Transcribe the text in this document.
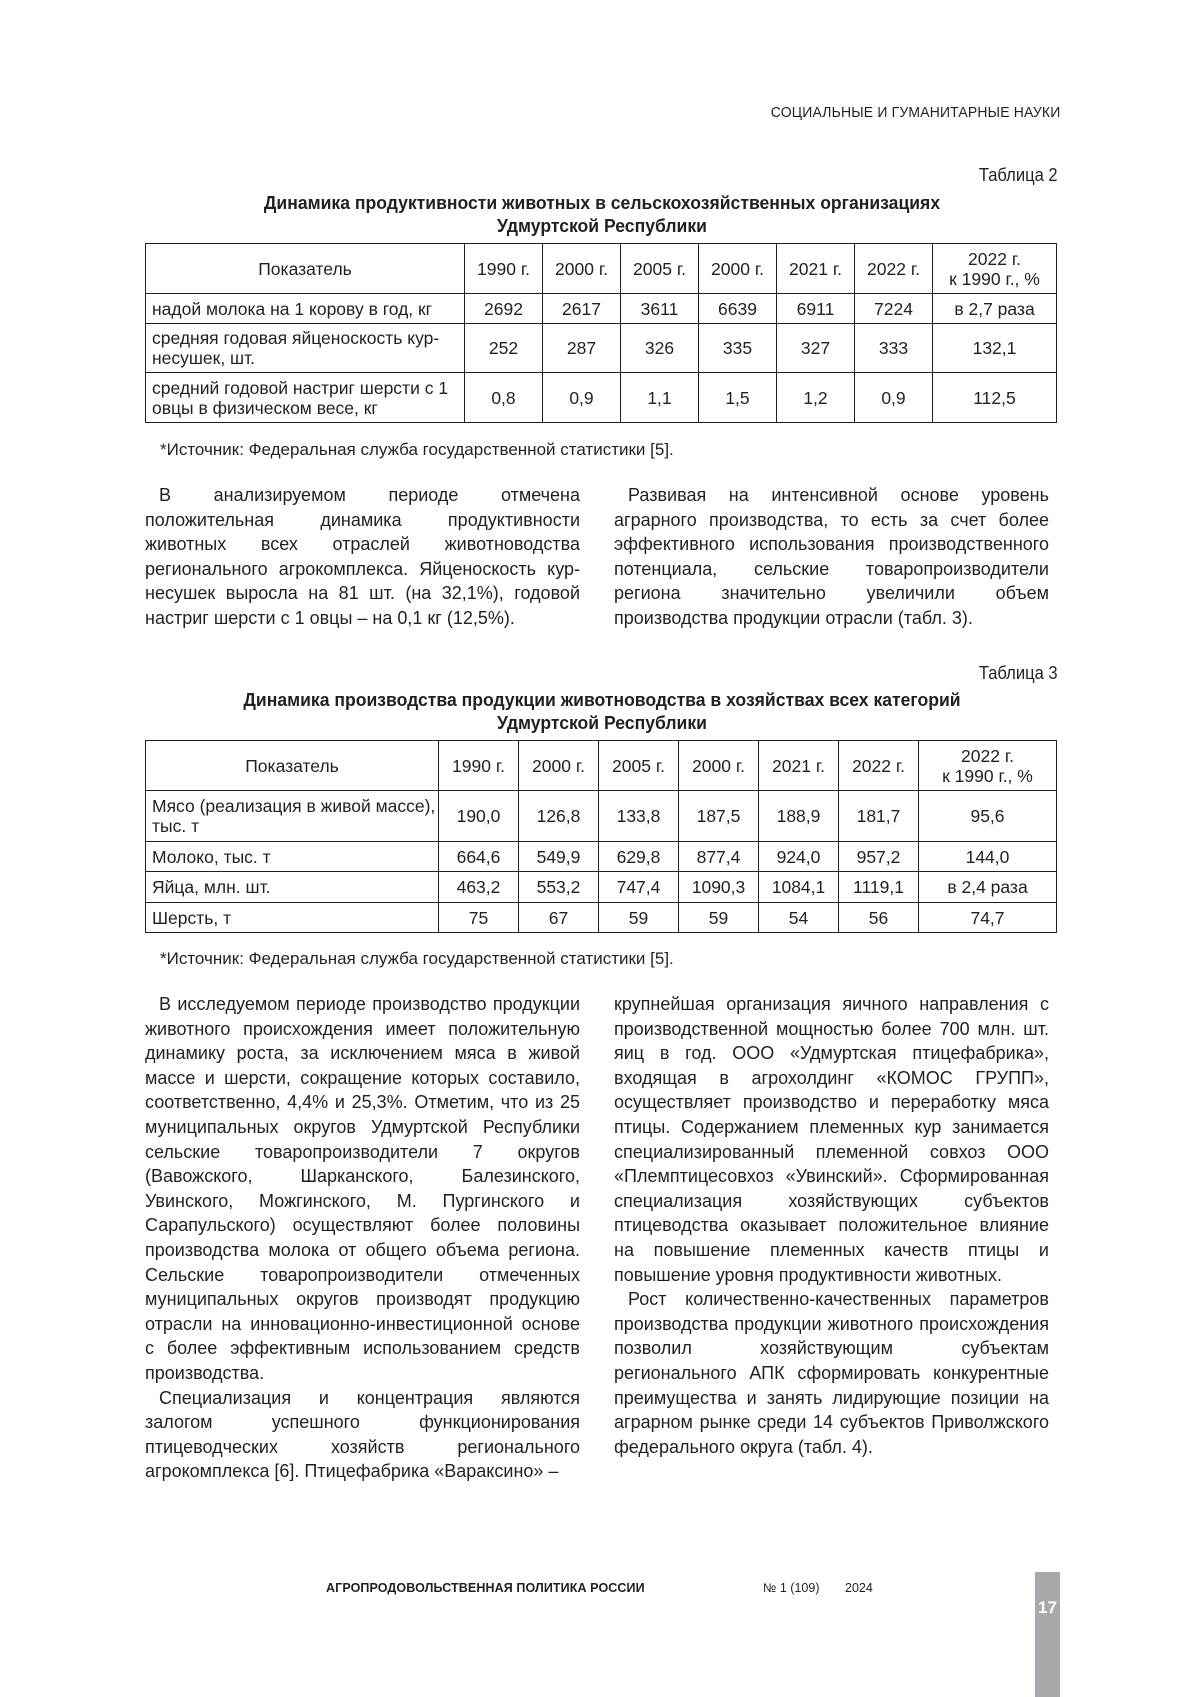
СОЦИАЛЬНЫЕ И ГУМАНИТАРНЫЕ НАУКИ
Таблица 2
Динамика продуктивности животных в сельскохозяйственных организациях
Удмуртской Республики
Показатель	1990 г.	2000 г.	2005 г.	2000 г.	2021 г.	2022 г.	2022 г.
к 1990 г., %

надой молока на 1 корову в год, кг	2692	2617	3611	6639	6911	7224	в 2,7 раза
средняя годовая яйценоскость кур-несушек, шт.	252	287	326	335	327	333	132,1
средний годовой настриг шерсти с 1 овцы в физическом весе, кг	0,8	0,9	1,1	1,5	1,2	0,9	112,5
*Источник: Федеральная служба государственной статистики [5].

В анализируемом периоде отмечена положительная динамика продуктивности животных всех отраслей животноводства регионального агрокомплекса. Яйценоскость кур-несушек выросла на 81 шт. (на 32,1%), годовой настриг шерсти с 1 овцы – на 0,1 кг (12,5%).

Развивая на интенсивной основе уровень аграрного производства, то есть за счет более эффективного использования производственного потенциала, сельские товаропроизводители региона значительно увеличили объем производства продукции отрасли (табл. 3).

Таблица 3
Динамика производства продукции животноводства в хозяйствах всех категорий
Удмуртской Республики
Показатель	1990 г.	2000 г.	2005 г.	2000 г.	2021 г.	2022 г.	2022 г.
к 1990 г., %

Мясо (реализация в живой массе), тыс. т	190,0	126,8	133,8	187,5	188,9	181,7	95,6
Молоко, тыс. т	664,6	549,9	629,8	877,4	924,0	957,2	144,0
Яйца, млн. шт.	463,2	553,2	747,4	1090,3	1084,1	1119,1	в 2,4 раза
Шерсть, т	75	67	59	59	54	56	74,7
*Источник: Федеральная служба государственной статистики [5].

В исследуемом периоде производство продукции животного происхождения имеет положительную динамику роста, за исключением мяса в живой массе и шерсти, сокращение которых составило, соответственно, 4,4% и 25,3%. Отметим, что из 25 муниципальных округов Удмуртской Республики сельские товаропроизводители 7 округов (Вавожского, Шарканского, Балезинского, Увинского, Можгинского, М. Пургинского и Сарапульского) осуществляют более половины производства молока от общего объема региона. Сельские товаропроизводители отмеченных муниципальных округов производят продукцию отрасли на инновационно-инвестиционной основе с более эффективным использованием средств производства.

Специализация и концентрация являются залогом успешного функционирования птицеводческих хозяйств регионального агрокомплекса [6]. Птицефабрика «Вараксино» –

крупнейшая организация яичного направления с производственной мощностью более 700 млн. шт. яиц в год. ООО «Удмуртская птицефабрика», входящая в агрохолдинг «КОМОС ГРУПП», осуществляет производство и переработку мяса птицы. Содержанием племенных кур занимается специализированный племенной совхоз ООО «Племптицесовхоз «Увинский». Сформированная специализация хозяйствующих субъектов птицеводства оказывает положительное влияние на повышение племенных качеств птицы и повышение уровня продуктивности животных.

Рост количественно-качественных параметров производства продукции животного происхождения позволил хозяйствующим субъектам регионального АПК сформировать конкурентные преимущества и занять лидирующие позиции на аграрном рынке среди 14 субъектов Приволжского федерального округа (табл. 4).

АГРОПРОДОВОЛЬСТВЕННАЯ ПОЛИТИКА РОССИИ	№ 1 (109) 2024
17
